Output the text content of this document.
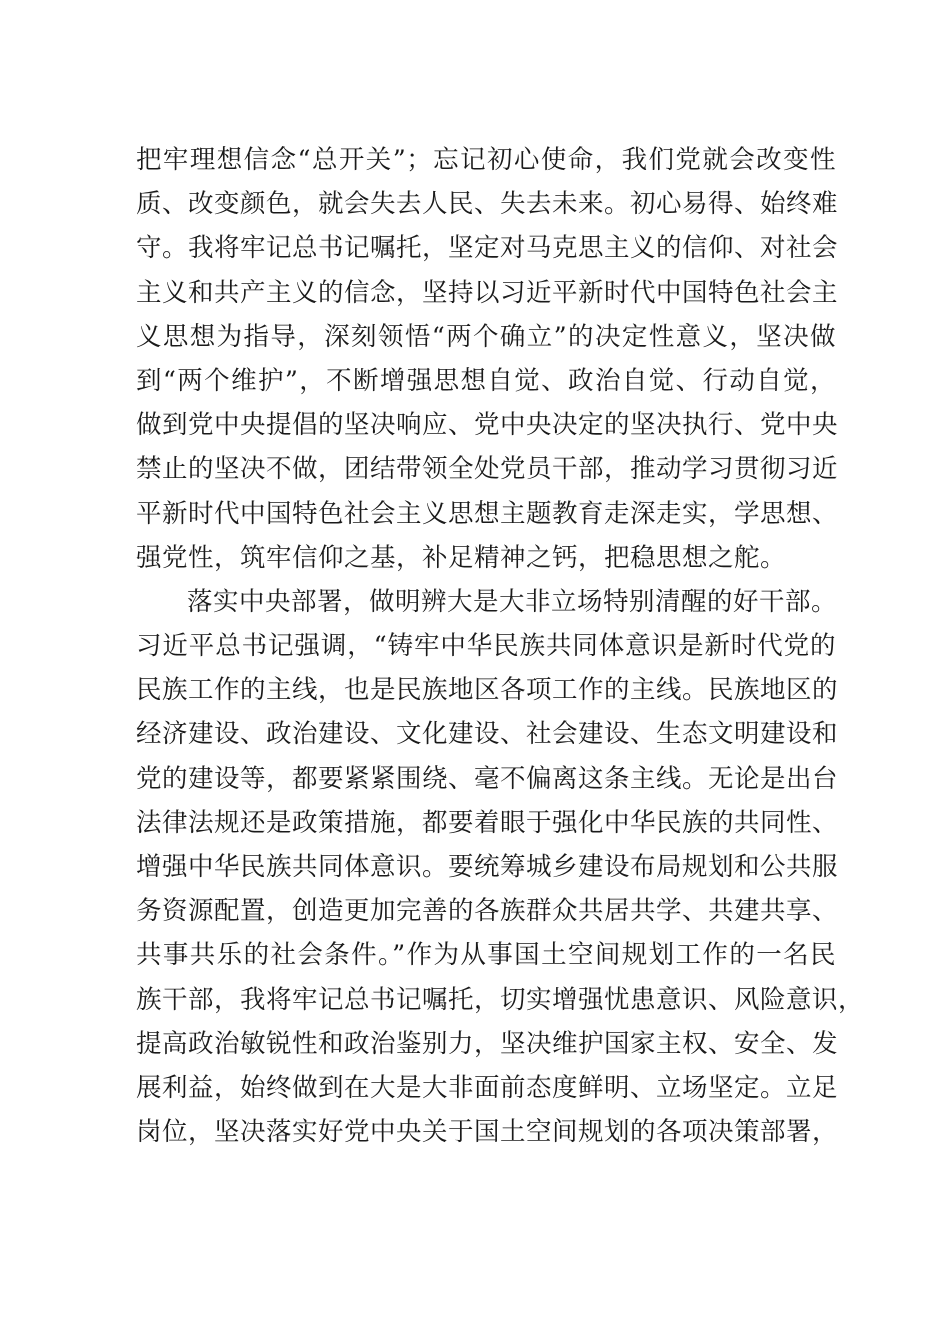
把牢理想信念“总开关”；忘记初心使命，我们党就会改变性
质、改变颜色，就会失去人民、失去未来。初心易得、始终难
守。我将牢记总书记嘱托，坚定对马克思主义的信仰、对社会
主义和共产主义的信念，坚持以习近平新时代中国特色社会主
义思想为指导，深刻领悟“两个确立”的决定性意义，坚决做
到“两个维护”，不断增强思想自觉、政治自觉、行动自觉，
做到党中央提倡的坚决响应、党中央决定的坚决执行、党中央
禁止的坚决不做，团结带领全处党员干部，推动学习贯彻习近
平新时代中国特色社会主义思想主题教育走深走实，学思想、
强党性，筑牢信仰之基，补足精神之钙，把稳思想之舵。
落实中央部署，做明辨大是大非立场特别清醒的好干部。
习近平总书记强调，“铸牢中华民族共同体意识是新时代党的
民族工作的主线，也是民族地区各项工作的主线。民族地区的
经济建设、政治建设、文化建设、社会建设、生态文明建设和
党的建设等，都要紧紧围绕、毫不偏离这条主线。无论是出台
法律法规还是政策措施，都要着眼于强化中华民族的共同性、
增强中华民族共同体意识。要统筹城乡建设布局规划和公共服
务资源配置，创造更加完善的各族群众共居共学、共建共享、
共事共乐的社会条件。”作为从事国土空间规划工作的一名民
族干部，我将牢记总书记嘱托，切实增强忧患意识、风险意识，
提高政治敏锐性和政治鉴别力，坚决维护国家主权、安全、发
展利益，始终做到在大是大非面前态度鲜明、立场坚定。立足
岗位，坚决落实好党中央关于国土空间规划的各项决策部署，
